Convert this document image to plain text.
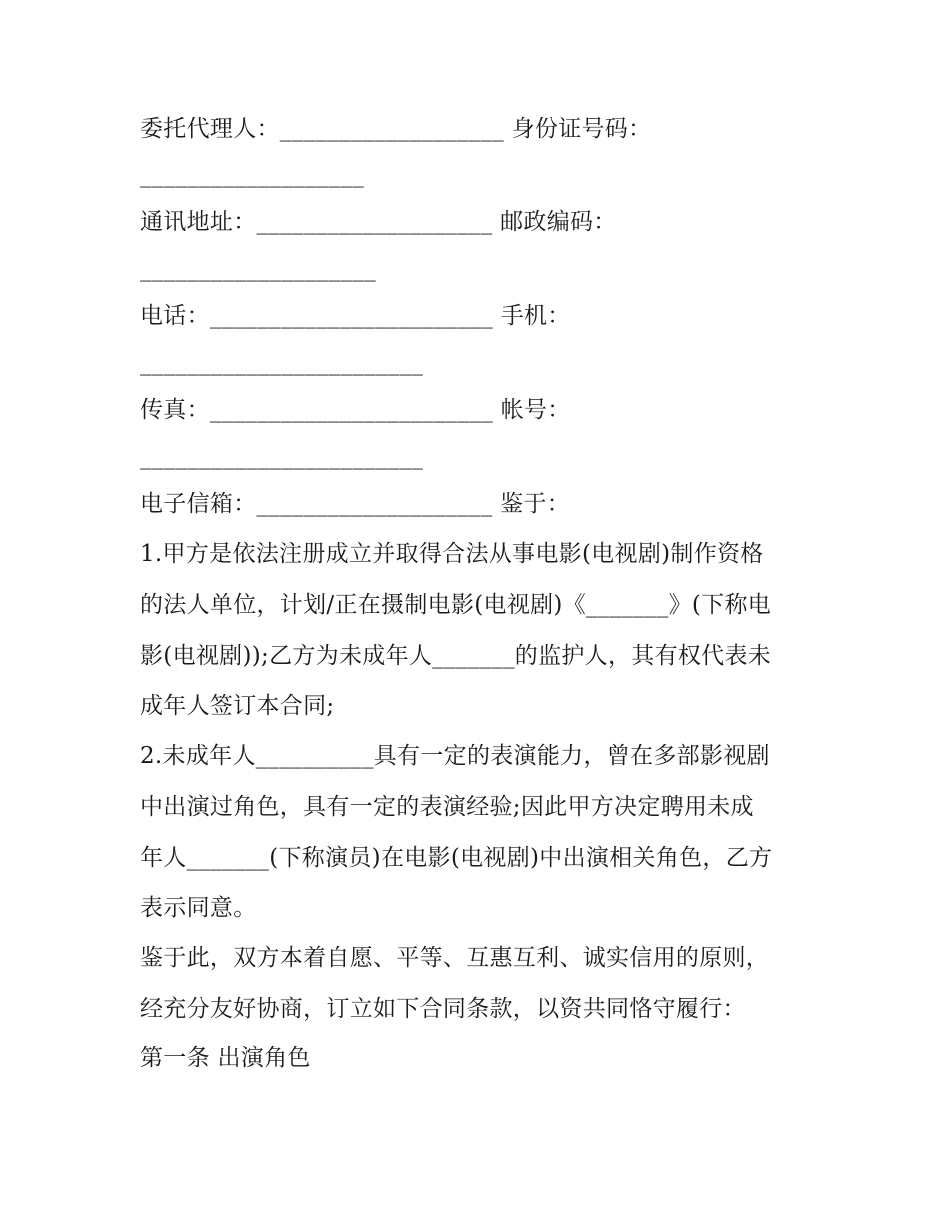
委托代理人：___________________ 身份证号码：
___________________
通讯地址：____________________ 邮政编码：
____________________
电话：________________________ 手机：
________________________
传真：________________________ 帐号：
________________________
电子信箱：____________________ 鉴于：
1.甲方是依法注册成立并取得合法从事电影(电视剧)制作资格
的法人单位，计划/正在摄制电影(电视剧)《_______》(下称电
影(电视剧));乙方为未成年人_______的监护人，其有权代表未
成年人签订本合同;
2.未成年人__________具有一定的表演能力，曾在多部影视剧
中出演过角色，具有一定的表演经验;因此甲方决定聘用未成
年人_______(下称演员)在电影(电视剧)中出演相关角色，乙方
表示同意。
鉴于此，双方本着自愿、平等、互惠互利、诚实信用的原则，
经充分友好协商，订立如下合同条款，以资共同恪守履行：
第一条 出演角色
